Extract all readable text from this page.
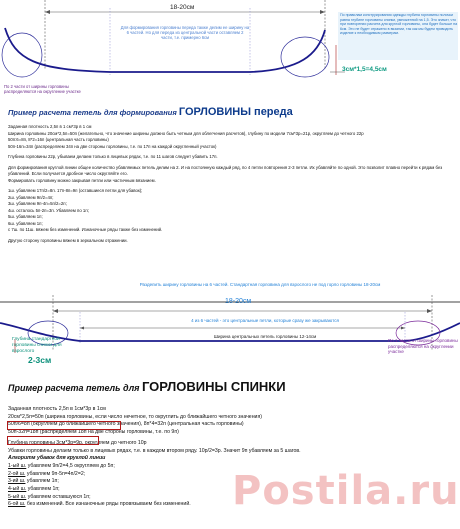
18-20см
Для формирования горловины переда также делим ее ширину на 6 частей. Но для переда из центральной части оставляем 2 части, т.е. примерно 6см
По правилам конструирования одежды глубина горловины полочки равна глубине горловины спинки, умноженной на 1,5. Это значит, что при повторении расчета для круглой горловины, она будет больше на 6см. Это не будет отражено в вязании, так как мы будем приводить изделие к необходимым размерам.
3см*1,5=4,5см
По 2 части от ширины горловины распределяются на округление участке
Пример расчета петель для формирования ГОРЛОВИНЫ переда
Заданная плотность 2,5п в 1 см*3р в 1 см
Ширина горловины 20см*2,5п=50п (желательно, что значение ширины должно быть четным для облегчения расчетов), глубину по модели 7см*3р=21р, округляем до четного 22р
50п:6=8п, 8*2=16п (центральная часть горловины)
50п-16п=34п (распределяем 34п на две стороны горловины, т.е. по 17п на каждой округленный участок)
Глубина горловины 22р, убываем делаем только в лицевых рядах, т.е. по 11 шагов следует убавить 17п.
Для формирования круглой линии общее количество убавляемых петель делим на 2. И на постоянную каждый ряд, по 4 петли повторения 2-3 петли. Их убавляйте по одной. Это позволит плавно перейти к рядам без убавлений. Если получается дробное число округляйте его.
Формировать горловину можно закрывая петли или частичным вязанием.
1ш. убавляем 17п/2=8п. 17п-8п=9п (оставшиеся петли для убавок);
2ш. убавляем 9п/2=4п;
3ш. убавляем 9п-4п=5п/2=2п;
4ш. осталось 5п-2п=3п. Убавляем по 1п;
5ш. убавляем 1п;
6ш. убавляем 1п;
с 7ш. по 11ш. вяжем без изменений. Изнаночные ряды также без изменений.
Другую сторону горловины вяжем в зеркальном отражении.
Разделить ширину горловины на 6 частей. Стандартная горловина для взрослого не под горло горловины 18-20см
18-20см
4 из 6 частей - это центральные петли, которые сразу же закрываются
Ширина центральных петель горловины 12-14см
Глубина стандартной горловины спинки для взрослого
2-3см
По 1 части от ширины горловины распределяются на округлении участке
Пример расчета петель для ГОРЛОВИНЫ СПИНКИ
Заданная плотность 2,5п в 1см*3р в 1см
20см*2,5п=50п (ширина горловины, если число нечетное, то округлить до ближайшего четного значения)
50п/6=8п (округляем до ближайшего четного значения), 8п*4=32п (центральная часть горловины)
50п-32п=18п (распределяем 18п на две стороны горловины, т.е. по 9п)
Глубина горловины 3см*3р=9р, округляем до четного 10р
Убавки горловины делаем только в лицевых рядах, т.е. в каждом втором ряду. 10р/2=3р. Значит 9п убавляем за 5 шагов.
Алгоритм убавок для круглой линии
1-ый ш. убавляем 9п/2=4,5 округляем до 5п;
2-ой ш. убавляем 9п-5п=4п/2=2;
3-ий ш. убавляем 1п;
4-ый ш. убавляем 1п;
5-ый ш. убавляем оставшуюся 1п;
6-ой ш. без изменений. Все изнаночные ряды провязываем без изменений.	Postila.ru
